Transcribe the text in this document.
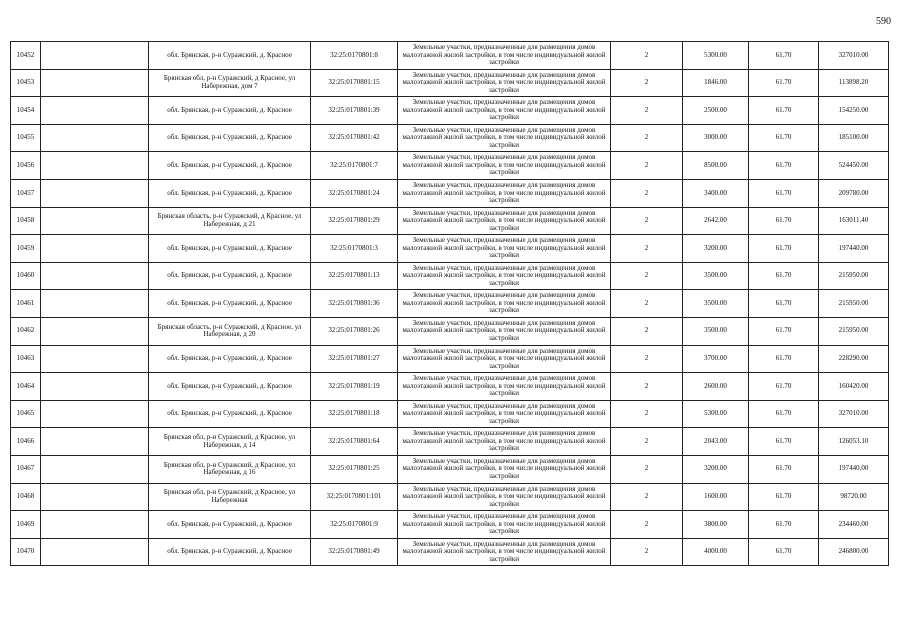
590
10452		обл. Брянская, р-н Суражский, д. Красное	32:25:0170801:8	Земельные участки, предназначенные для размещения домов малоэтажной жилой застройки, в том числе индивидуальной жилой застройки	2	5300.00	61.70	327010.00
10453		Брянская обл, р-н Суражский, д Красное, ул Набережная, дом 7	32:25:0170801:15	Земельные участки, предназначенные для размещения домов малоэтажной жилой застройки, в том числе индивидуальной жилой застройки	2	1846.00	61.70	113898.20
10454		обл. Брянская, р-н Суражский, д. Красное	32:25:0170801:39	Земельные участки, предназначенные для размещения домов малоэтажной жилой застройки, в том числе индивидуальной жилой застройки	2	2500.00	61.70	154250.00
10455		обл. Брянская, р-н Суражский, д. Красное	32:25:0170801:42	Земельные участки, предназначенные для размещения домов малоэтажной жилой застройки, в том числе индивидуальной жилой застройки	2	3000.00	61.70	185100.00
10456		обл. Брянская, р-н Суражский, д. Красное	32:25:0170801:7	Земельные участки, предназначенные для размещения домов малоэтажной жилой застройки, в том числе индивидуальной жилой застройки	2	8500.00	61.70	524450.00
10457		обл. Брянская, р-н Суражский, д. Красное	32:25:0170801:24	Земельные участки, предназначенные для размещения домов малоэтажной жилой застройки, в том числе индивидуальной жилой застройки	2	3400.00	61.70	209780.00
10458		Брянская область, р-н Суражский, д Красное, ул Набережная, д 21	32:25:0170801:29	Земельные участки, предназначенные для размещения домов малоэтажной жилой застройки, в том числе индивидуальной жилой застройки	2	2642.00	61.70	163011.40
10459		обл. Брянская, р-н Суражский, д. Красное	32:25:0170801:3	Земельные участки, предназначенные для размещения домов малоэтажной жилой застройки, в том числе индивидуальной жилой застройки	2	3200.00	61.70	197440.00
10460		обл. Брянская, р-н Суражский, д. Красное	32:25:0170801:13	Земельные участки, предназначенные для размещения домов малоэтажной жилой застройки, в том числе индивидуальной жилой застройки	2	3500.00	61.70	215950.00
10461		обл. Брянская, р-н Суражский, д. Красное	32:25:0170801:36	Земельные участки, предназначенные для размещения домов малоэтажной жилой застройки, в том числе индивидуальной жилой застройки	2	3500.00	61.70	215950.00
10462		Брянская область, р-н Суражский, д Красное, ул Набережная, д 20	32:25:0170801:26	Земельные участки, предназначенные для размещения домов малоэтажной жилой застройки, в том числе индивидуальной жилой застройки	2	3500.00	61.70	215950.00
10463		обл. Брянская, р-н Суражский, д. Красное	32:25:0170801:27	Земельные участки, предназначенные для размещения домов малоэтажной жилой застройки, в том числе индивидуальной жилой застройки	2	3700.00	61.70	228290.00
10464		обл. Брянская, р-н Суражский, д. Красное	32:25:0170801:19	Земельные участки, предназначенные для размещения домов малоэтажной жилой застройки, в том числе индивидуальной жилой застройки	2	2600.00	61.70	160420.00
10465		обл. Брянская, р-н Суражский, д. Красное	32:25:0170801:18	Земельные участки, предназначенные для размещения домов малоэтажной жилой застройки, в том числе индивидуальной жилой застройки	2	5300.00	61.70	327010.00
10466		Брянская обл, р-н Суражский, д Красное, ул Набережная, д 14	32:25:0170801:64	Земельные участки, предназначенные для размещения домов малоэтажной жилой застройки, в том числе индивидуальной жилой застройки	2	2043.00	61.70	126053.10
10467		Брянская обл, р-н Суражский, д Красное, ул Набережная, д 16	32:25:0170801:25	Земельные участки, предназначенные для размещения домов малоэтажной жилой застройки, в том числе индивидуальной жилой застройки	2	3200.00	61.70	197440.00
10468		Брянская обл, р-н Суражский, д Красное, ул Набережная	32:25:0170801:101	Земельные участки, предназначенные для размещения домов малоэтажной жилой застройки, в том числе индивидуальной жилой застройки	2	1600.00	61.70	98720.00
10469		обл. Брянская, р-н Суражский, д. Красное	32:25:0170801:9	Земельные участки, предназначенные для размещения домов малоэтажной жилой застройки, в том числе индивидуальной жилой застройки	2	3800.00	61.70	234460.00
10470		обл. Брянская, р-н Суражский, д. Красное	32:25:0170801:49	Земельные участки, предназначенные для размещения домов малоэтажной жилой застройки, в том числе индивидуальной жилой застройки	2	4000.00	61.70	246800.00
